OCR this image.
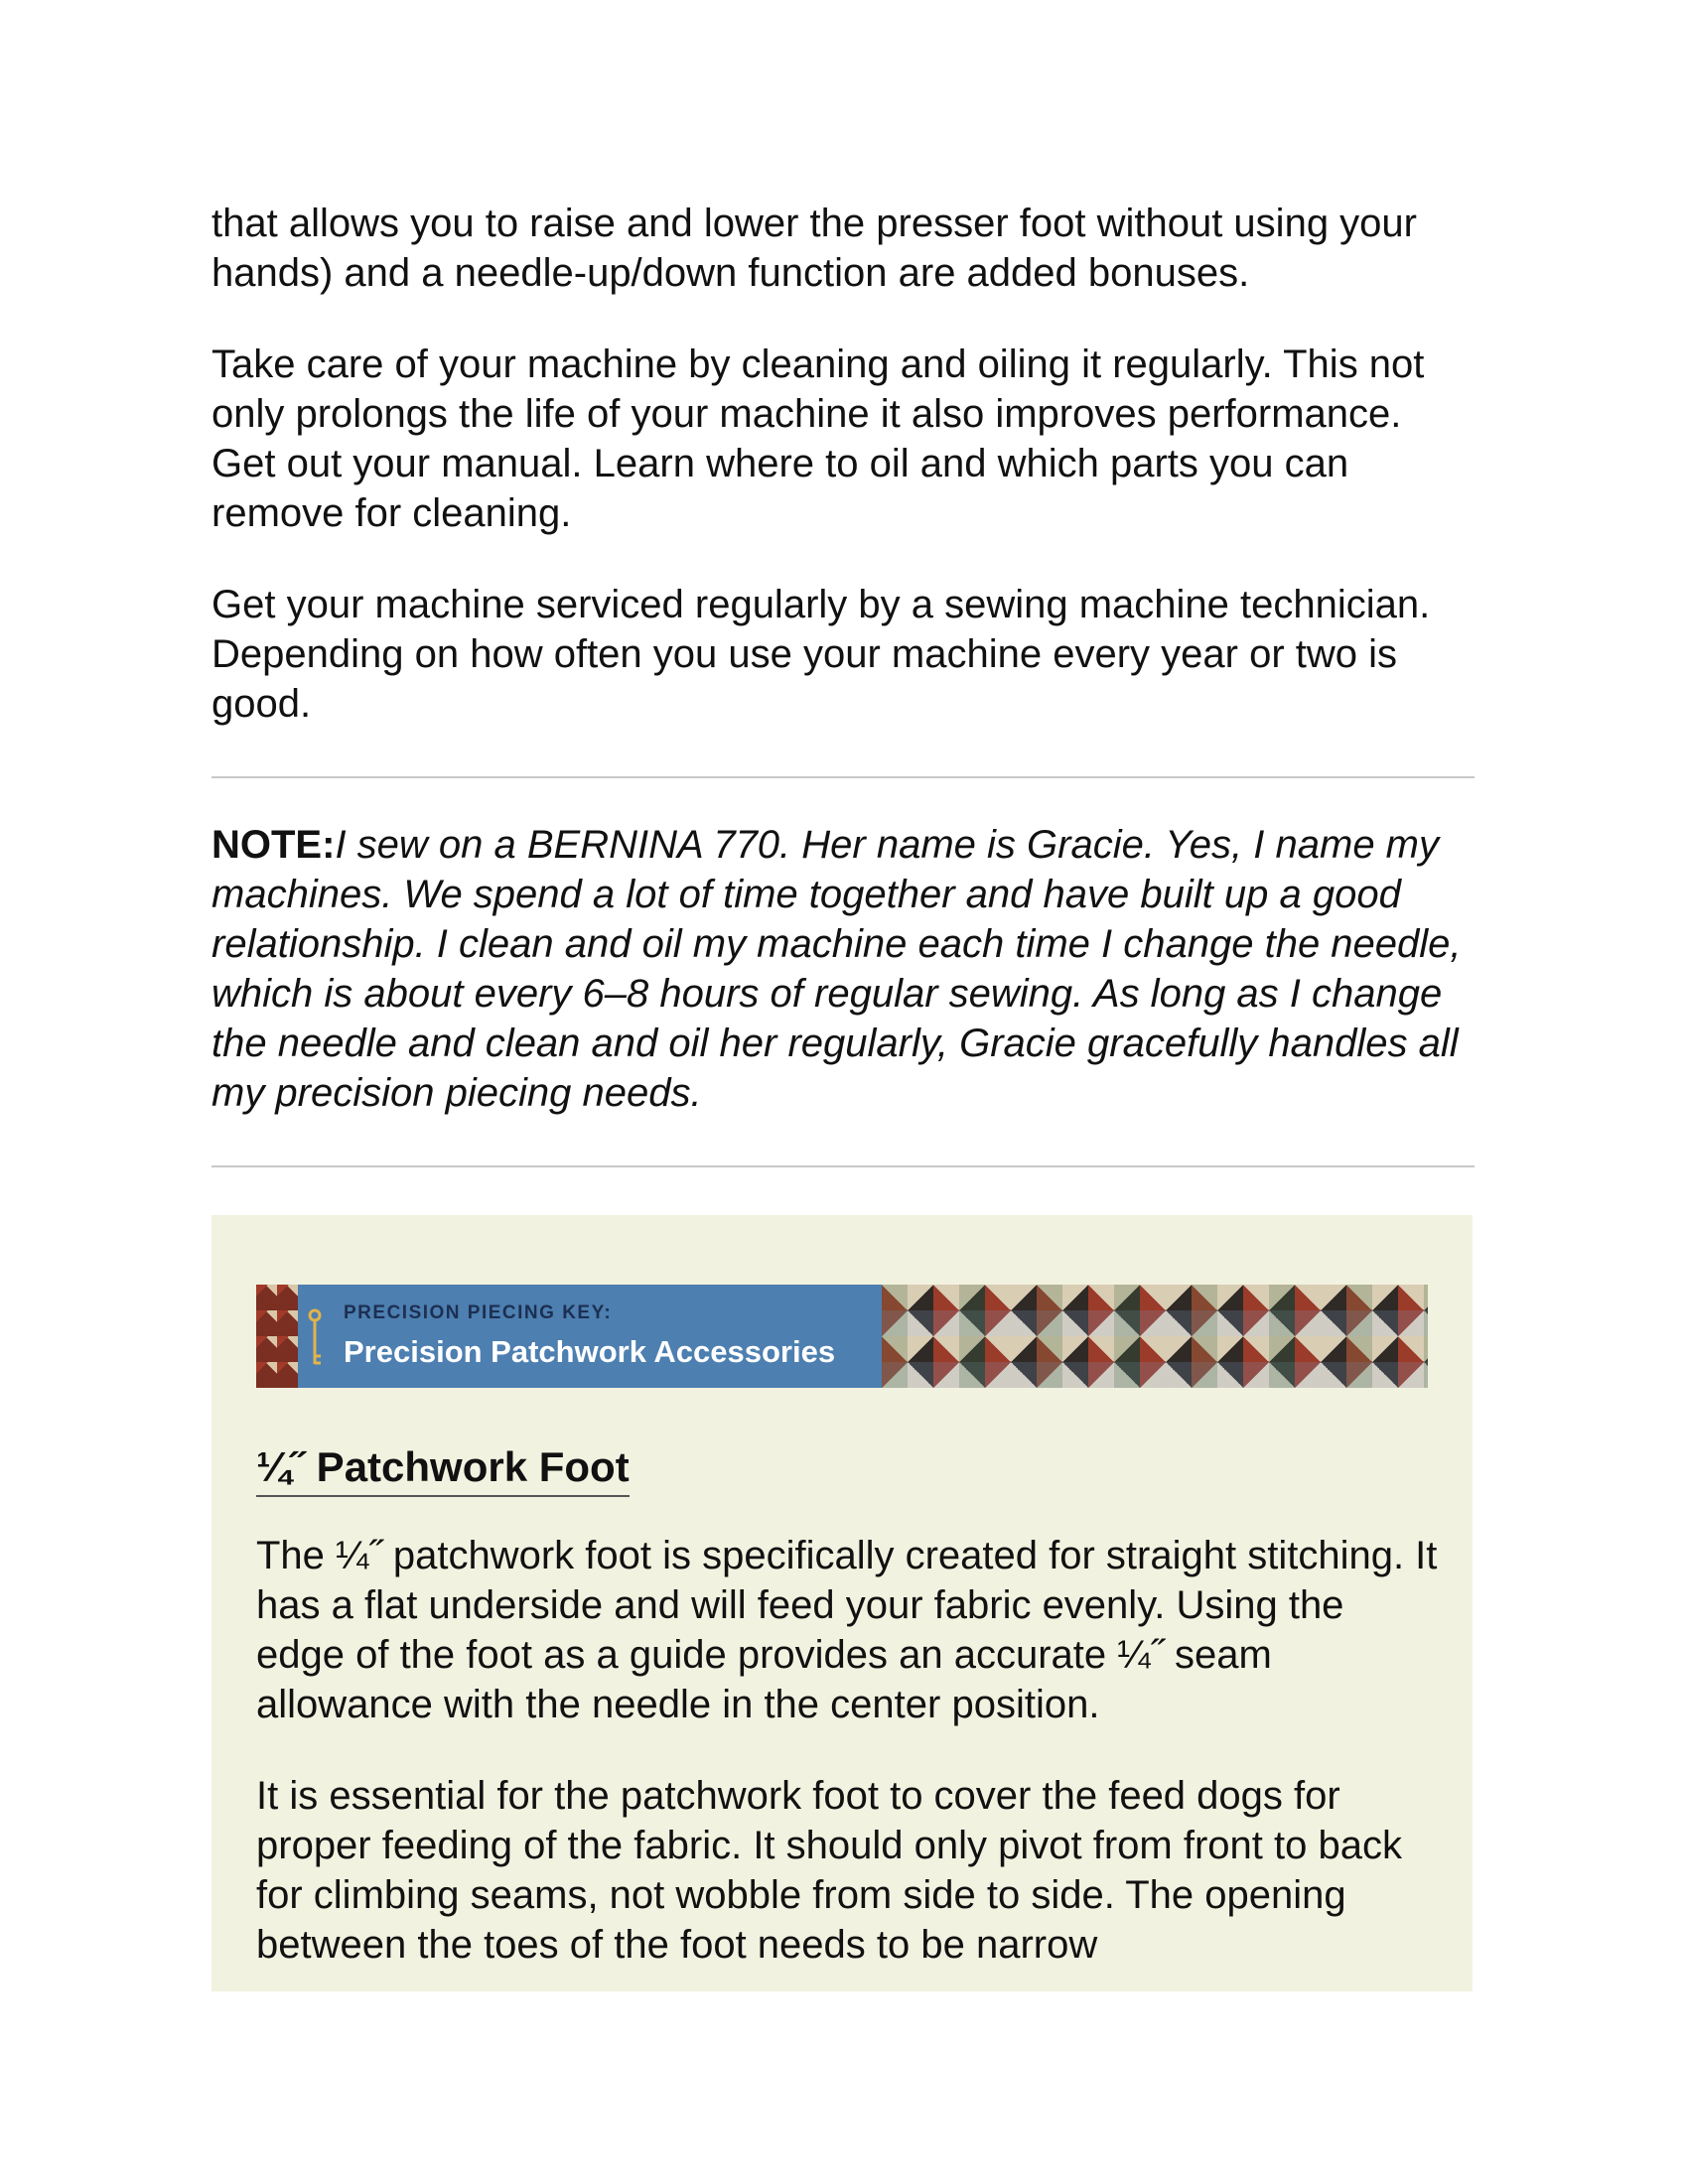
that allows you to raise and lower the presser foot without using your hands) and a needle-up/down function are added bonuses.

Take care of your machine by cleaning and oiling it regularly. This not only prolongs the life of your machine it also improves performance. Get out your manual. Learn where to oil and which parts you can remove for cleaning.

Get your machine serviced regularly by a sewing machine technician. Depending on how often you use your machine every year or two is good.

NOTE:I sew on a BERNINA 770. Her name is Gracie. Yes, I name my machines. We spend a lot of time together and have built up a good relationship. I clean and oil my machine each time I change the needle, which is about every 6–8 hours of regular sewing. As long as I change the needle and clean and oil her regularly, Gracie gracefully handles all my precision piecing needs.

PRECISION PIECING KEY:
Precision Patchwork Accessories
¼˝ Patchwork Foot

The ¼˝ patchwork foot is specifically created for straight stitching. It has a flat underside and will feed your fabric evenly. Using the edge of the foot as a guide provides an accurate ¼˝ seam allowance with the needle in the center position.

It is essential for the patchwork foot to cover the feed dogs for proper feeding of the fabric. It should only pivot from front to back for climbing seams, not wobble from side to side. The opening between the toes of the foot needs to be narrow
